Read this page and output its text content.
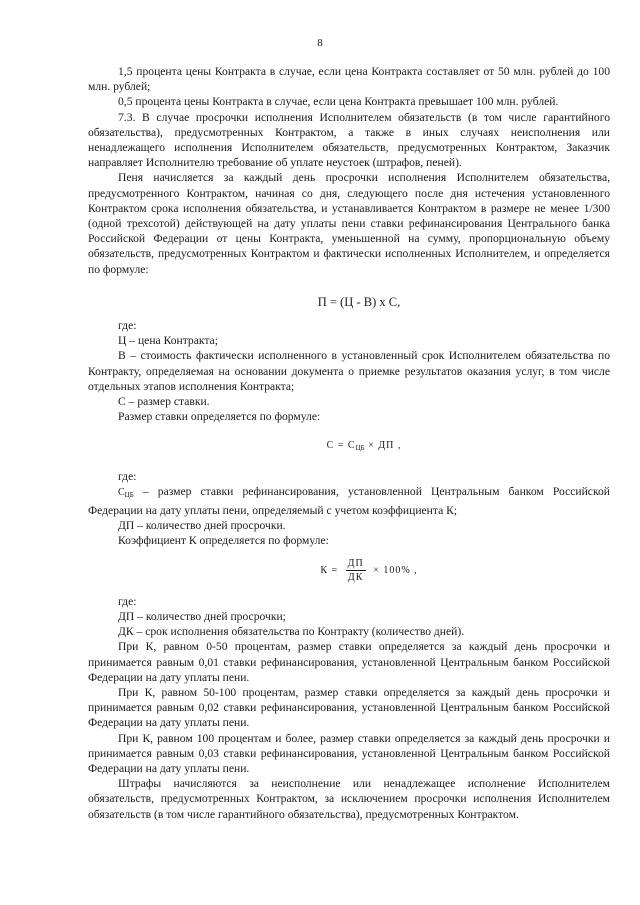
8

1,5 процента цены Контракта в случае, если цена Контракта составляет от 50 млн. рублей до 100 млн. рублей;

0,5 процента цены Контракта в случае, если цена Контракта превышает 100 млн. рублей.

7.3. В случае просрочки исполнения Исполнителем обязательств (в том числе гарантийного обязательства), предусмотренных Контрактом, а также в иных случаях неисполнения или ненадлежащего исполнения Исполнителем обязательств, предусмотренных Контрактом, Заказчик направляет Исполнителю требование об уплате неустоек (штрафов, пеней).

Пеня начисляется за каждый день просрочки исполнения Исполнителем обязательства, предусмотренного Контрактом, начиная со дня, следующего после дня истечения установленного Контрактом срока исполнения обязательства, и устанавливается Контрактом в размере не менее 1/300 (одной трехсотой) действующей на дату уплаты пени ставки рефинансирования Центрального банка Российской Федерации от цены Контракта, уменьшенной на сумму, пропорциональную объему обязательств, предусмотренных Контрактом и фактически исполненных Исполнителем, и определяется по формуле:

П = (Ц - В) х С,

где:

Ц – цена Контракта;

В – стоимость фактически исполненного в установленный срок Исполнителем обязательства по Контракту, определяемая на основании документа о приемке результатов оказания услуг, в том числе отдельных этапов исполнения Контракта;

С – размер ставки.

Размер ставки определяется по формуле:

$С = С_{ЦБ}$ × ДП ,

где:

$С_{ЦБ}$ – размер ставки рефинансирования, установленной Центральным банком Российской Федерации на дату уплаты пени, определяемый с учетом коэффициента К;

ДП – количество дней просрочки.

Коэффициент К определяется по формуле:

$К = \frac{ДП}{ДК} \times 100\%$ ,

где:

ДП – количество дней просрочки;

ДК – срок исполнения обязательства по Контракту (количество дней).

При К, равном 0-50 процентам, размер ставки определяется за каждый день просрочки и принимается равным 0,01 ставки рефинансирования, установленной Центральным банком Российской Федерации на дату уплаты пени.

При К, равном 50-100 процентам, размер ставки определяется за каждый день просрочки и принимается равным 0,02 ставки рефинансирования, установленной Центральным банком Российской Федерации на дату уплаты пени.

При К, равном 100 процентам и более, размер ставки определяется за каждый день просрочки и принимается равным 0,03 ставки рефинансирования, установленной Центральным банком Российской Федерации на дату уплаты пени.

Штрафы начисляются за неисполнение или ненадлежащее исполнение Исполнителем обязательств, предусмотренных Контрактом, за исключением просрочки исполнения Исполнителем обязательств (в том числе гарантийного обязательства), предусмотренных Контрактом.
